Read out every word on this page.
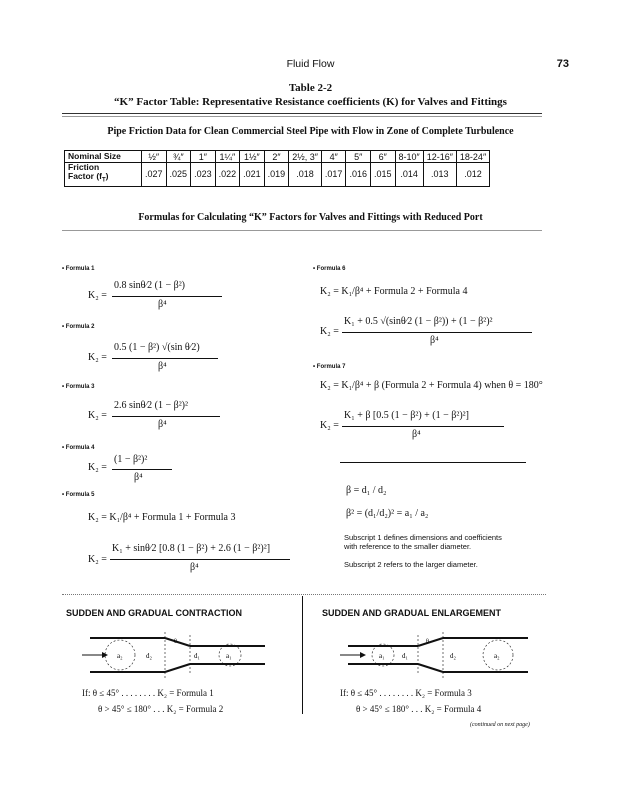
Fluid Flow	73
Table 2-2
“K” Factor Table: Representative Resistance coefficients (K) for Valves and Fittings
Pipe Friction Data for Clean Commercial Steel Pipe with Flow in Zone of Complete Turbulence
Nominal Size	½″	¾″	1″	1¼″	1½″	2″	2½, 3″	4″	5″	6″	8-10″	12-16″	18-24″
Friction
Factor $(f_T)$	.027	.025	.023	.022	.021	.019	.018	.017	.016	.015	.014	.013	.012
Formulas for Calculating “K” Factors for Valves and Fittings with Reduced Port
• Formula 1
K₂ =
0.8 sinθ⁄2 (1 − β²)
β⁴
• Formula 2
K₂ =
0.5 (1 − β²) √(sin θ⁄2)
β⁴
• Formula 3
K₂ =
2.6 sinθ⁄2 (1 − β²)²
β⁴
• Formula 4
K₂ =
(1 − β²)²
β⁴
• Formula 5
K₂ = K₁/β⁴ + Formula 1 + Formula 3
K₂ =
K₁ + sinθ⁄2 [0.8 (1 − β²) + 2.6 (1 − β²)²]
β⁴
• Formula 6
K₂ = K₁/β⁴ + Formula 2 + Formula 4
K₂ =
K₁ + 0.5 √(sinθ⁄2 (1 − β²)) + (1 − β²)²
β⁴
• Formula 7
K₂ = K₁/β⁴ + β (Formula 2 + Formula 4) when θ = 180°
K₂ =
K₁ + β [0.5 (1 − β²) + (1 − β²)²]
β⁴
β = d₁ / d₂
β² = (d₁/d₂)² = a₁ / a₂
Subscript 1 defines dimensions and coefficients with reference to the smaller diameter.
Subscript 2 refers to the larger diameter.
SUDDEN AND GRADUAL CONTRACTION	SUDDEN AND GRADUAL ENLARGEMENT
a₂	d₂	d₁	a₁
θ
a₁ d₁	d₂	a₂
θ
If: θ ≤ 45° . . . . . . . . K₂ = Formula 1
θ > 45° ≤ 180° . . . K₂ = Formula 2
If: θ ≤ 45° . . . . . . . . K₂ = Formula 3
θ > 45° ≤ 180° . . . K₂ = Formula 4
(continued on next page)
